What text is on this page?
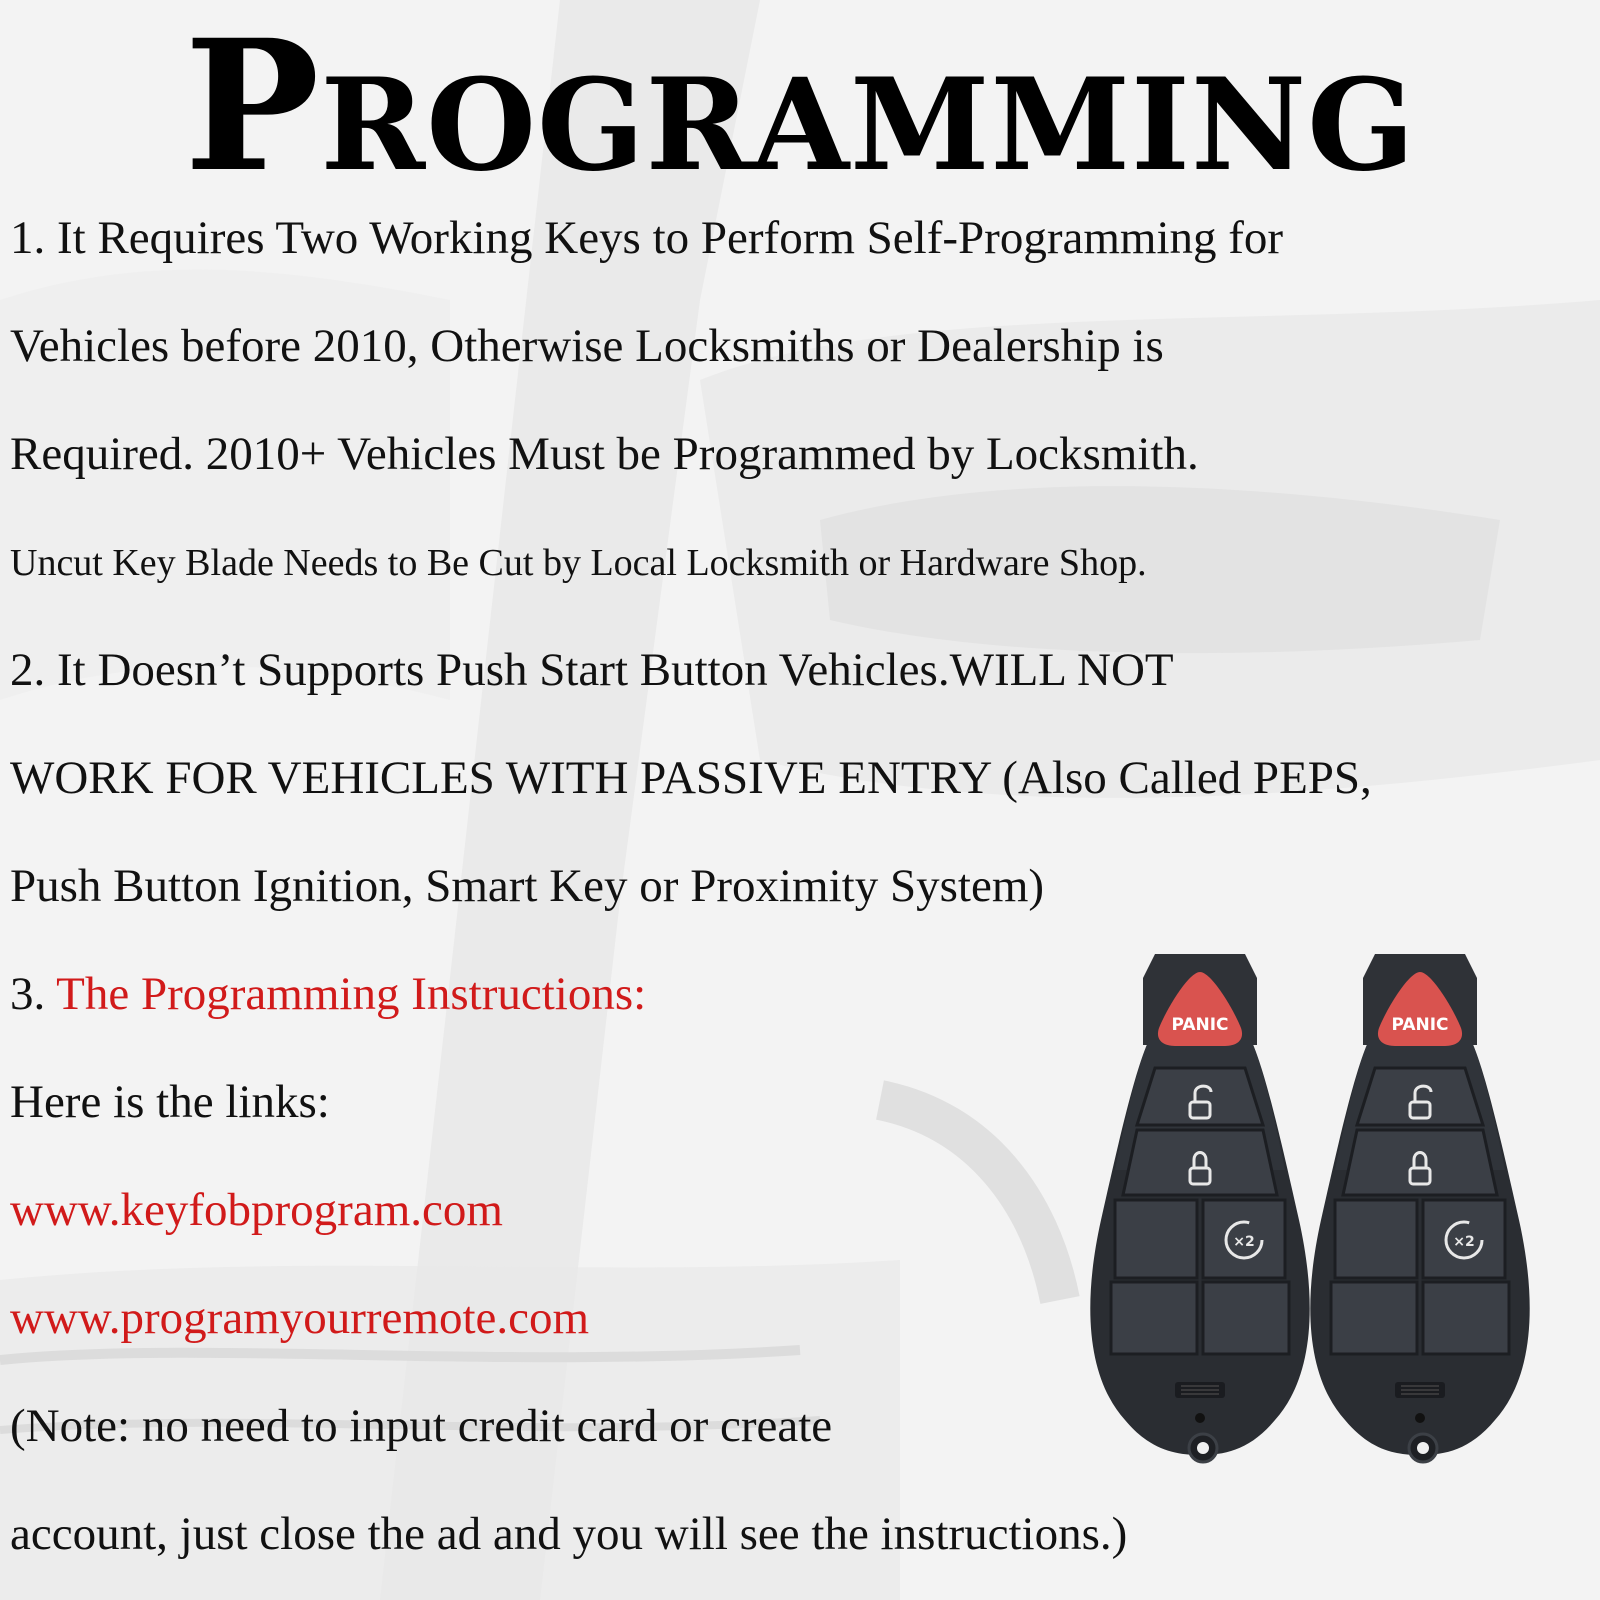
Programming
1. It Requires Two Working Keys to Perform Self-Programming for
Vehicles before 2010, Otherwise Locksmiths or Dealership is
Required. 2010+ Vehicles Must be Programmed by Locksmith.
Uncut Key Blade Needs to Be Cut by Local Locksmith or Hardware Shop.
2. It Doesn’t Supports Push Start Button Vehicles.WILL NOT
WORK FOR VEHICLES WITH PASSIVE ENTRY (Also Called PEPS,
Push Button Ignition, Smart Key or Proximity System)
3. The Programming Instructions:
Here is the links:
www.keyfobprogram.com
www.programyourremote.com
(Note: no need to input credit card or create
account, just close the ad and you will see the instructions.)
PANIC	PANIC
×2	×2
